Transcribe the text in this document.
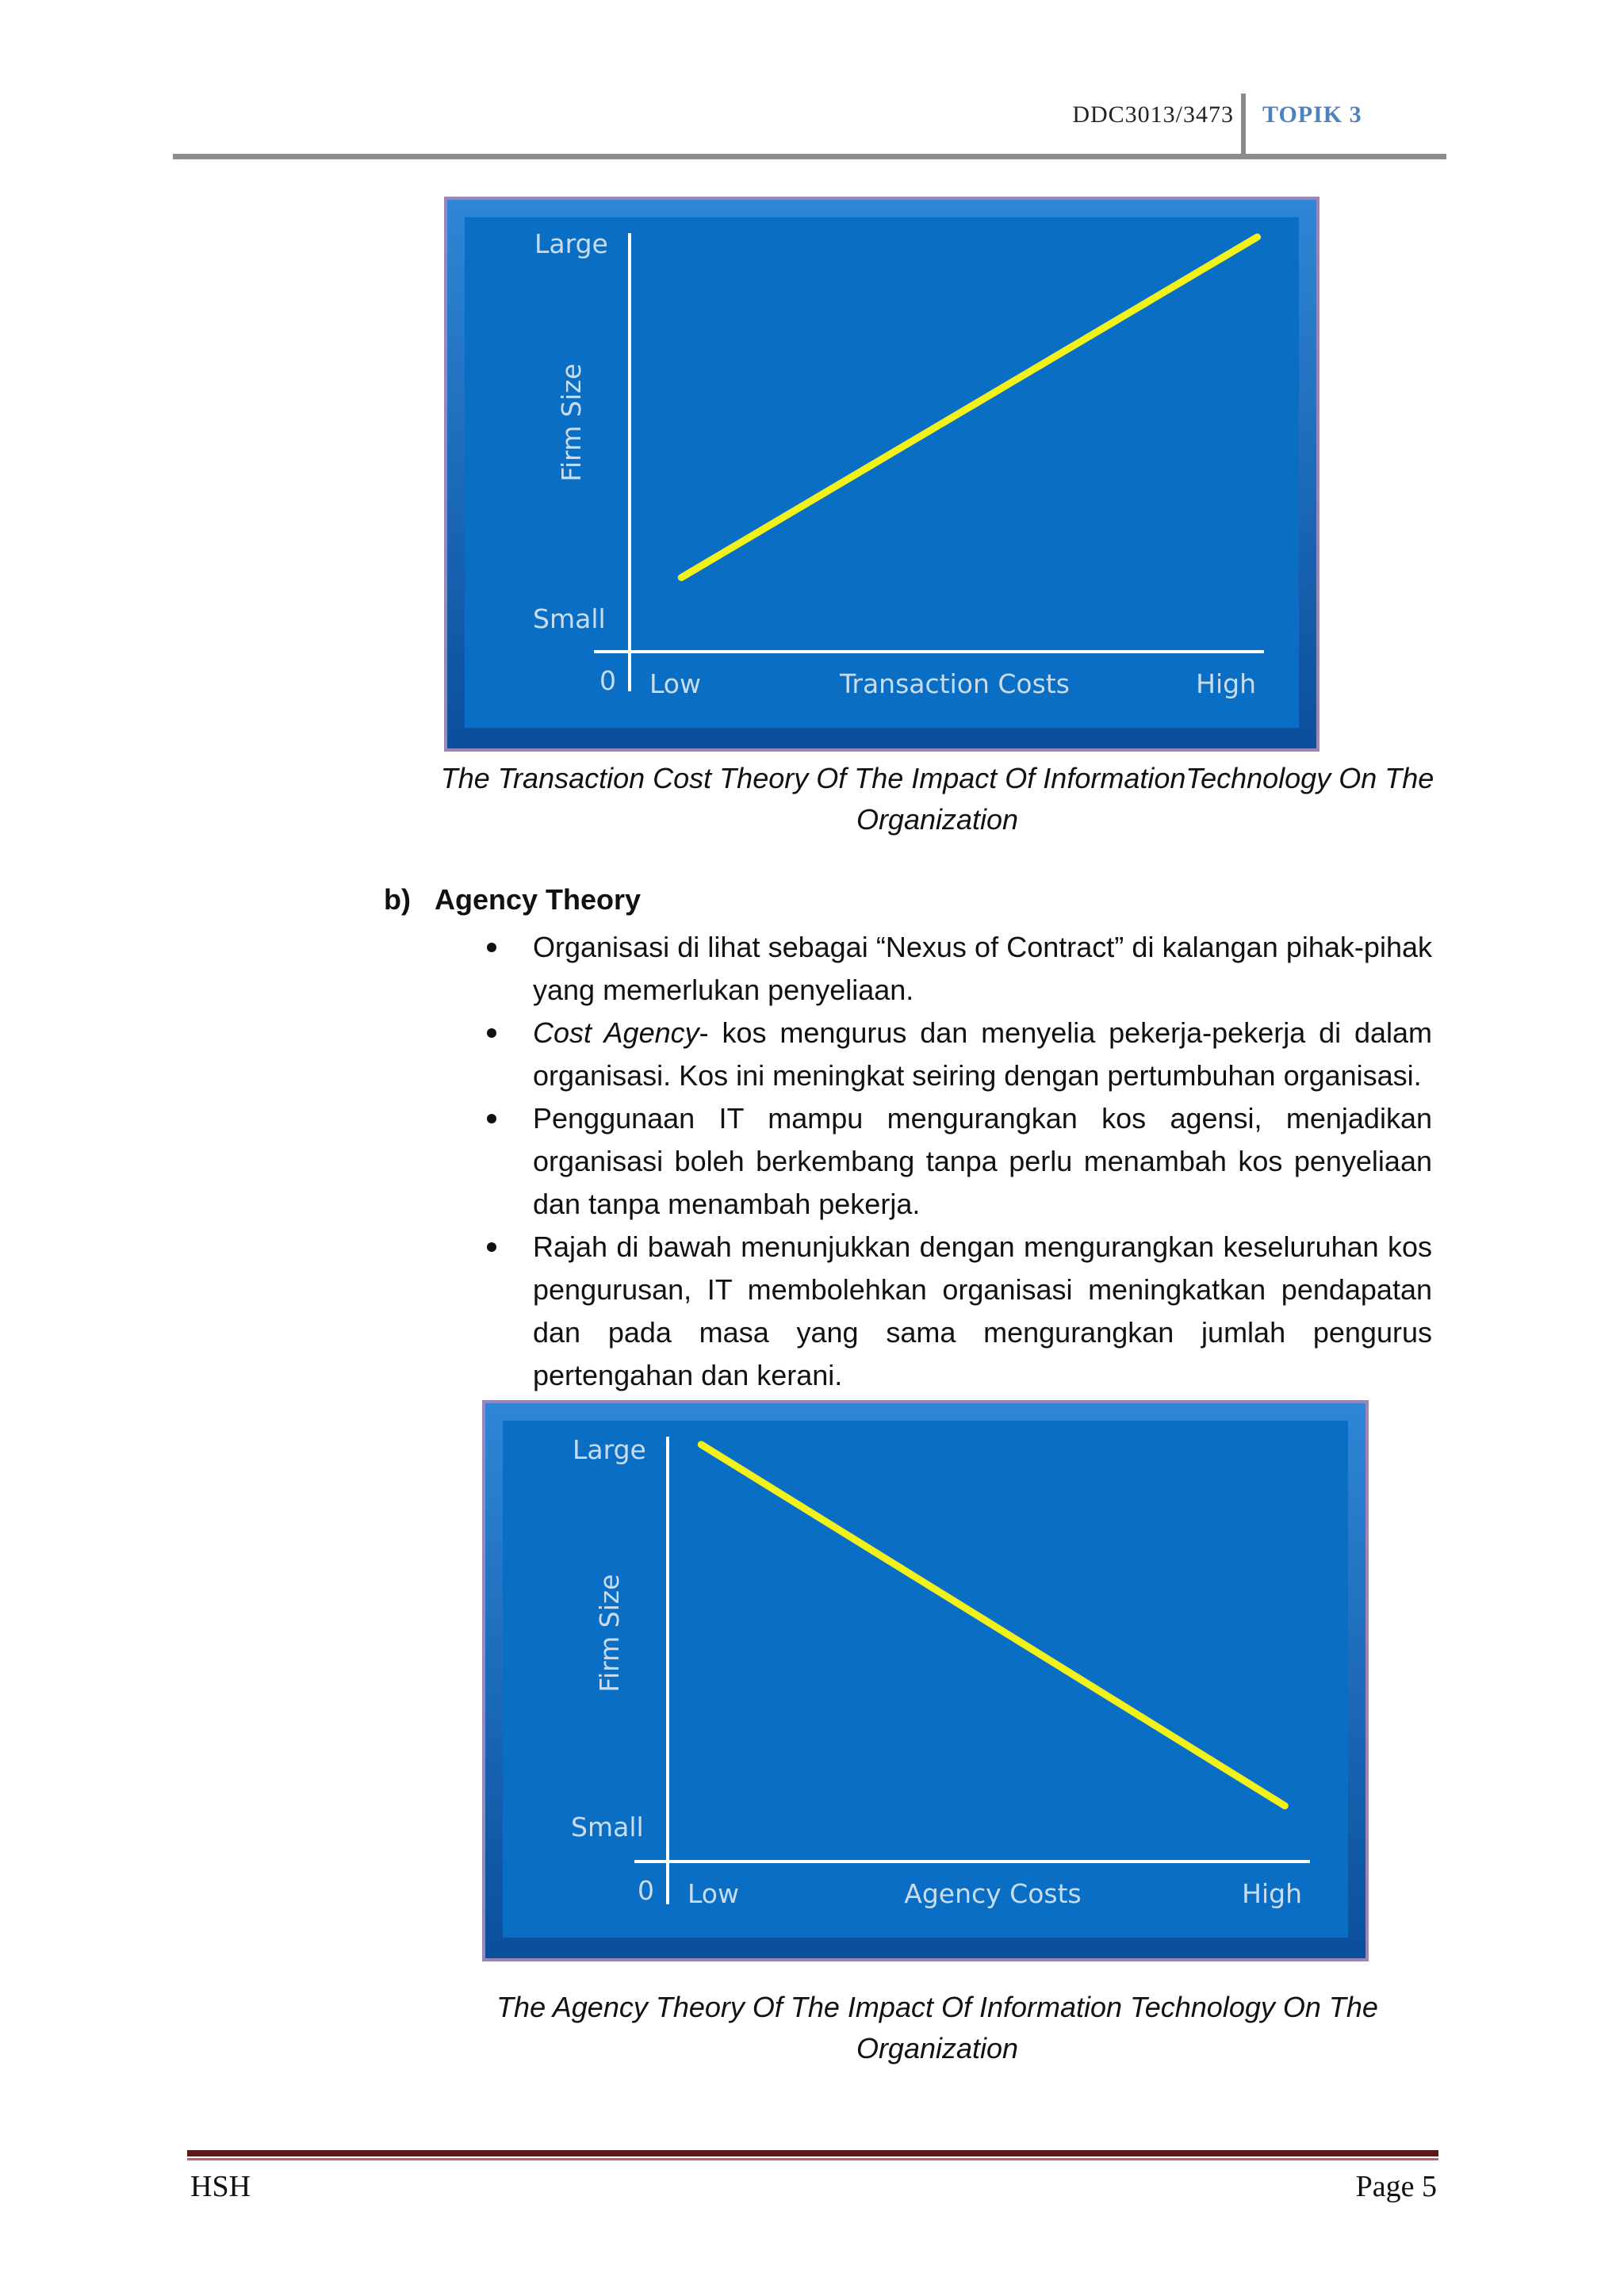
DDC3013/3473 TOPIK 3
Large
Small
Firm Size
0 Low	Transaction Costs	High
The Transaction Cost Theory Of The Impact Of InformationTechnology On The Organization
b) Agency Theory
Organisasi di lihat sebagai “Nexus of Contract” di kalangan pihak-pihak yang memerlukan penyeliaan.
Cost Agency- kos mengurus dan menyelia pekerja-pekerja di dalam organisasi. Kos ini meningkat seiring dengan pertumbuhan organisasi.
Penggunaan IT mampu mengurangkan kos agensi, menjadikan organisasi boleh berkembang tanpa perlu menambah kos penyeliaan dan tanpa menambah pekerja.
Rajah di bawah menunjukkan dengan mengurangkan keseluruhan kos pengurusan, IT membolehkan organisasi meningkatkan pendapatan dan pada masa yang sama mengurangkan jumlah pengurus pertengahan dan kerani.
Large
Small
Firm Size
0 Low	Agency Costs	High
The Agency Theory Of The Impact Of Information Technology On The Organization
HSH	Page 5
